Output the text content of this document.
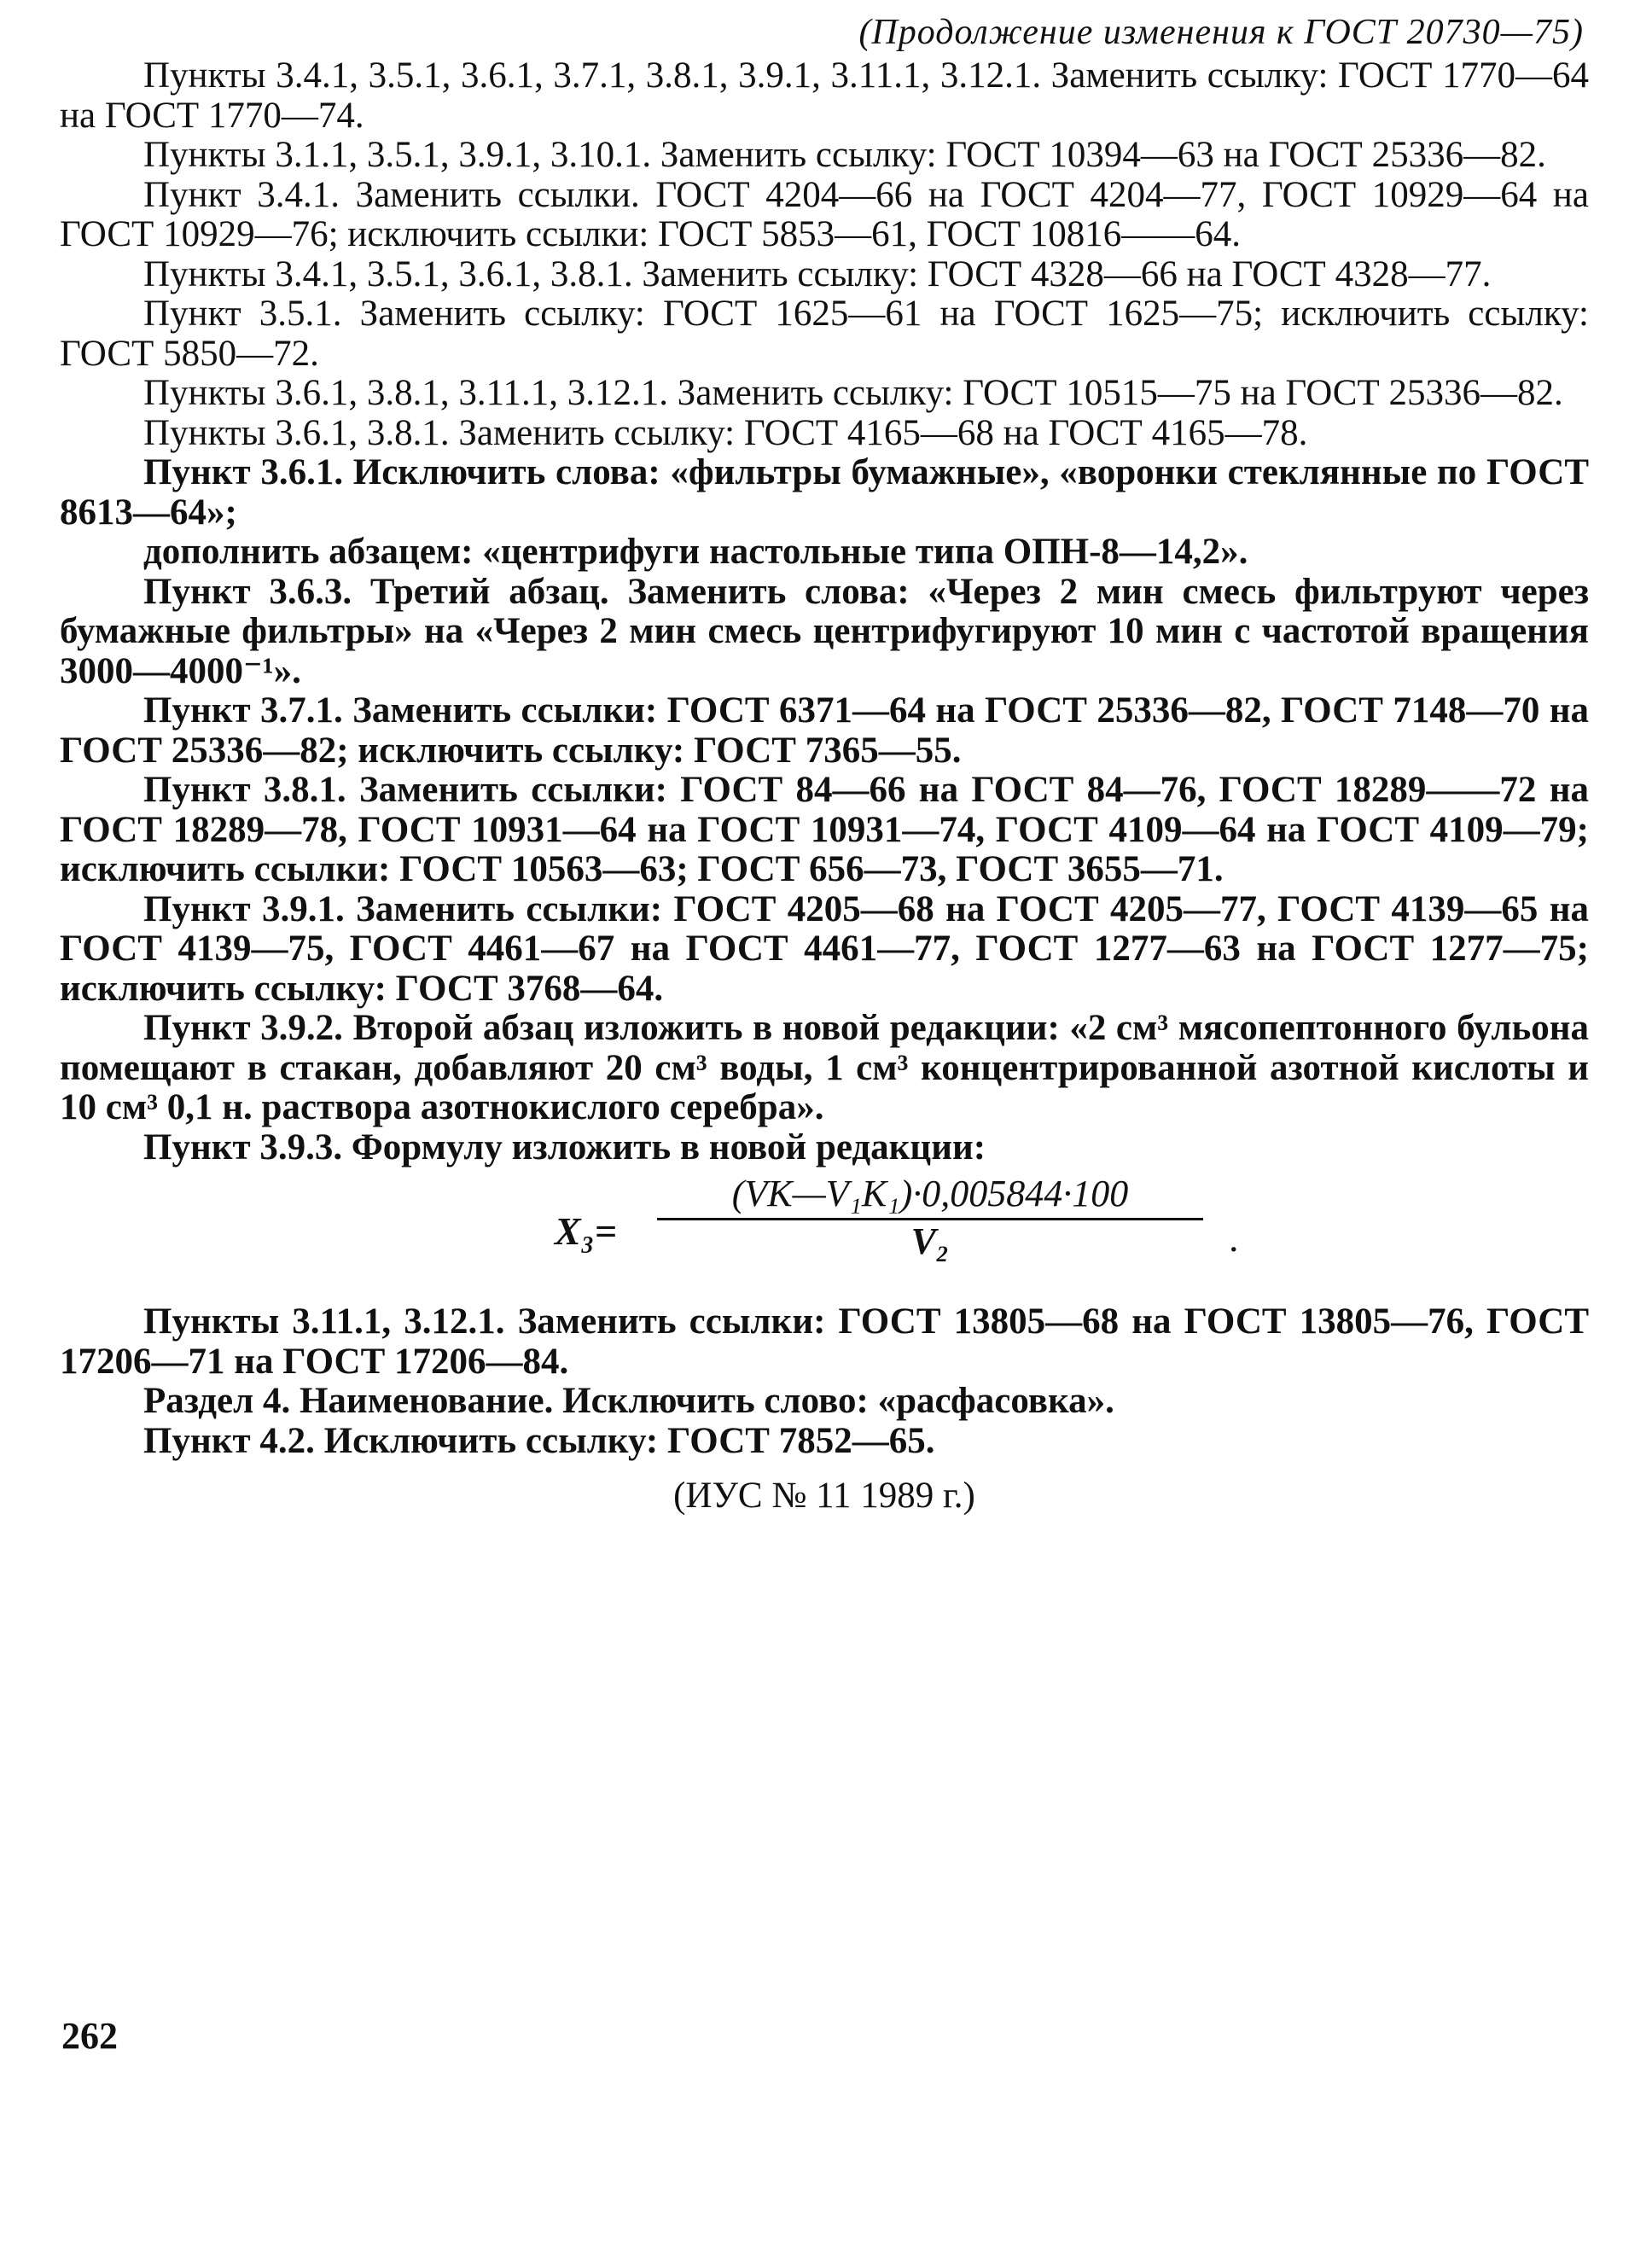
(Продолжение изменения к ГОСТ 20730—75)

Пункты 3.4.1, 3.5.1, 3.6.1, 3.7.1, 3.8.1, 3.9.1, 3.11.1, 3.12.1. Заменить ссылку: ГОСТ 1770—64 на ГОСТ 1770—74.

Пункты 3.1.1, 3.5.1, 3.9.1, 3.10.1. Заменить ссылку: ГОСТ 10394—63 на ГОСТ 25336—82.

Пункт 3.4.1. Заменить ссылки. ГОСТ 4204—66 на ГОСТ 4204—77, ГОСТ 10929—64 на ГОСТ 10929—76; исключить ссылки: ГОСТ 5853—61, ГОСТ 10816——64.

Пункты 3.4.1, 3.5.1, 3.6.1, 3.8.1. Заменить ссылку: ГОСТ 4328—66 на ГОСТ 4328—77.

Пункт 3.5.1. Заменить ссылку: ГОСТ 1625—61 на ГОСТ 1625—75; исключить ссылку: ГОСТ 5850—72.

Пункты 3.6.1, 3.8.1, 3.11.1, 3.12.1. Заменить ссылку: ГОСТ 10515—75 на ГОСТ 25336—82.

Пункты 3.6.1, 3.8.1. Заменить ссылку: ГОСТ 4165—68 на ГОСТ 4165—78.

Пункт 3.6.1. Исключить слова: «фильтры бумажные», «воронки стеклянные по ГОСТ 8613—64»;

дополнить абзацем: «центрифуги настольные типа ОПН-8—14,2».

Пункт 3.6.3. Третий абзац. Заменить слова: «Через 2 мин смесь фильтруют через бумажные фильтры» на «Через 2 мин смесь центрифугируют 10 мин с частотой вращения 3000—4000⁻¹».

Пункт 3.7.1. Заменить ссылки: ГОСТ 6371—64 на ГОСТ 25336—82, ГОСТ 7148—70 на ГОСТ 25336—82; исключить ссылку: ГОСТ 7365—55.

Пункт 3.8.1. Заменить ссылки: ГОСТ 84—66 на ГОСТ 84—76, ГОСТ 18289——72 на ГОСТ 18289—78, ГОСТ 10931—64 на ГОСТ 10931—74, ГОСТ 4109—64 на ГОСТ 4109—79; исключить ссылки: ГОСТ 10563—63; ГОСТ 656—73, ГОСТ 3655—71.

Пункт 3.9.1. Заменить ссылки: ГОСТ 4205—68 на ГОСТ 4205—77, ГОСТ 4139—65 на ГОСТ 4139—75, ГОСТ 4461—67 на ГОСТ 4461—77, ГОСТ 1277—63 на ГОСТ 1277—75; исключить ссылку: ГОСТ 3768—64.

Пункт 3.9.2. Второй абзац изложить в новой редакции: «2 см³ мясопептонного бульона помещают в стакан, добавляют 20 см³ воды, 1 см³ концентрированной азотной кислоты и 10 см³ 0,1 н. раствора азотнокислого серебра».

Пункт 3.9.3. Формулу изложить в новой редакции:

$X_3= \frac{\text{(VK—V₁K₁)·0,005844·100}}{\text{V₂}}$ .

Пункты 3.11.1, 3.12.1. Заменить ссылки: ГОСТ 13805—68 на ГОСТ 13805—76, ГОСТ 17206—71 на ГОСТ 17206—84.

Раздел 4. Наименование. Исключить слово: «расфасовка».

Пункт 4.2. Исключить ссылку: ГОСТ 7852—65.

(ИУС № 11 1989 г.)

262
